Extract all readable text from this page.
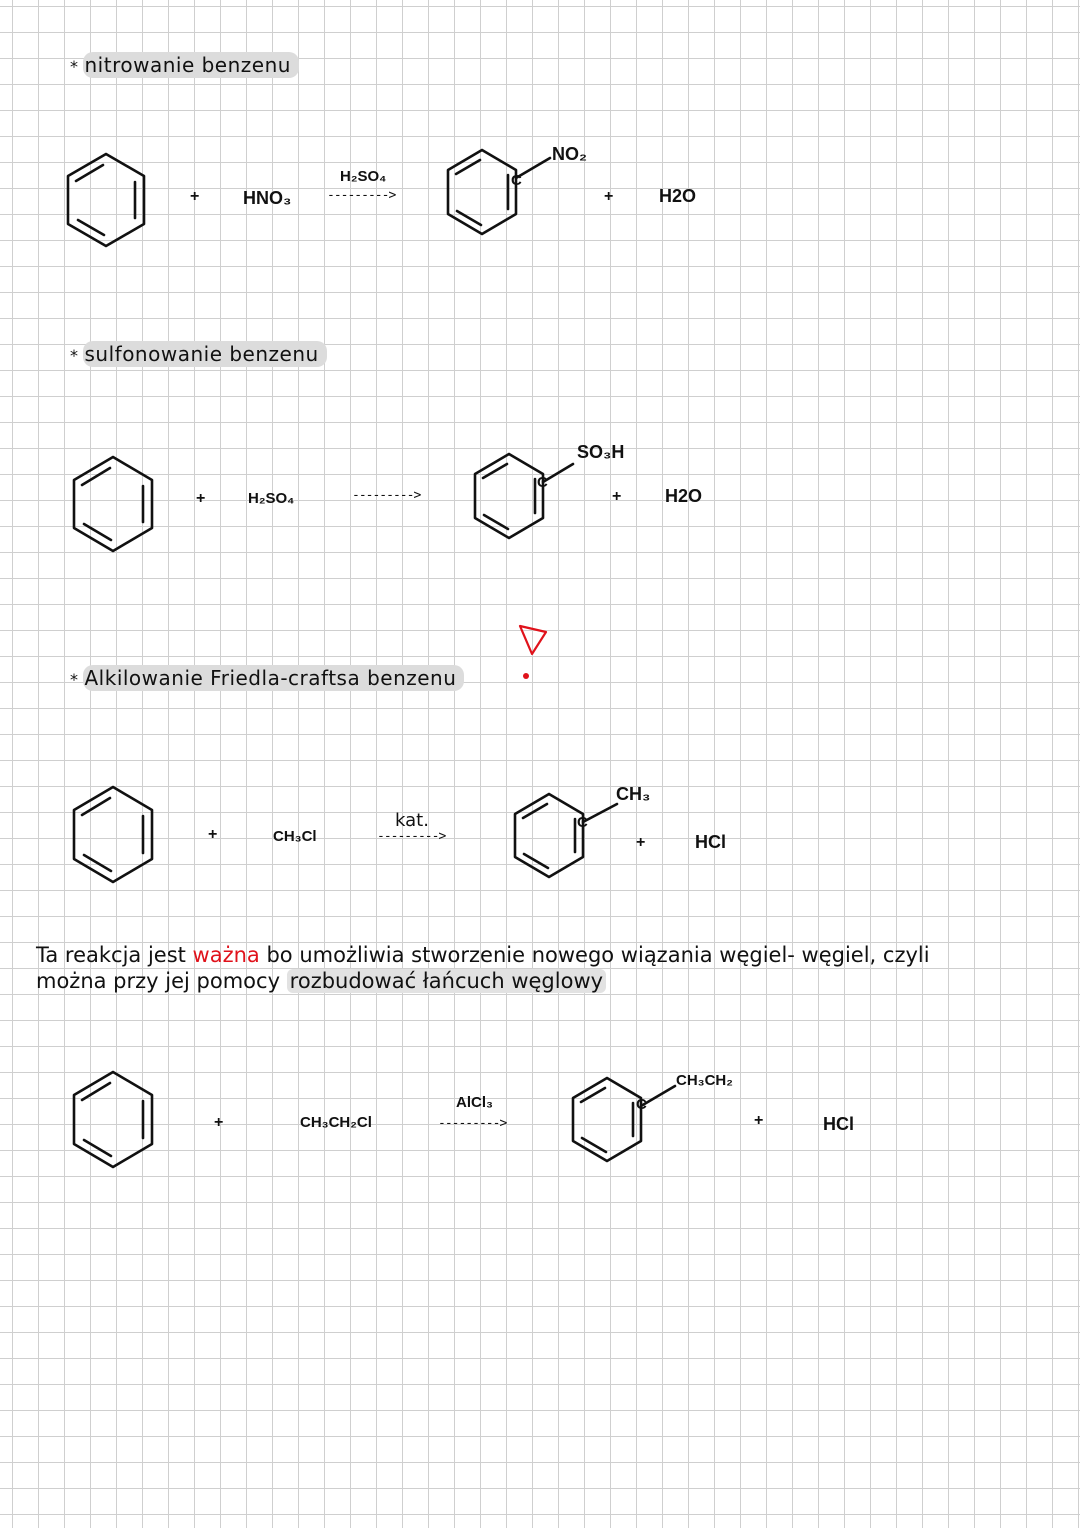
* nitrowanie benzenu
+ HNO₃
H₂SO₄
--------->
C
NO₂
+	H2O
* sulfonowanie benzenu
+	H₂SO₄	--------->
C
SO₃H
+ H2O
* Alkilowanie Friedla-craftsa benzenu
+	CH₃Cl
kat.
--------->
C
CH₃
+	HCl
Ta reakcja jest ważna bo umożliwia stworzenie nowego wiązania węgiel- węgiel, czyli
można przy jej pomocy rozbudować łańcuch węglowy
+	CH₃CH₂Cl
AlCl₃
--------->
C
CH₃CH₂
+	HCl
